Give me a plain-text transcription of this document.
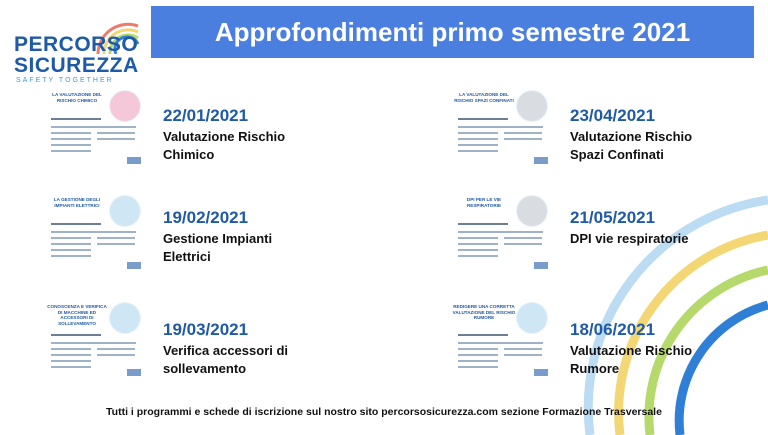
PERCORSO
SICUREZZA
SAFETY TOGETHER
Approfondimenti primo semestre 2021
LA VALUTAZIONE DEL RISCHIO CHIMICO
22/01/2021
Valutazione Rischio
Chimico
LA GESTIONE DEGLI IMPIANTI ELETTRICI
19/02/2021
Gestione Impianti
Elettrici
CONOSCENZA E VERIFICA DI MACCHINE ED ACCESSORI DI SOLLEVAMENTO	19/03/2021
Verifica accessori di
sollevamento
LA VALUTAZIONE DEL RISCHIO SPAZI CONFINATI
23/04/2021
Valutazione Rischio
Spazi Confinati
DPI PER LE VIE RESPIRATORIE
21/05/2021
DPI vie respiratorie
REDIGERE UNA CORRETTA VALUTAZIONE DEL RISCHIO RUMORE
18/06/2021
Valutazione Rischio
Rumore
Tutti i programmi e schede di iscrizione sul nostro sito percorsosicurezza.com sezione Formazione Trasversale
